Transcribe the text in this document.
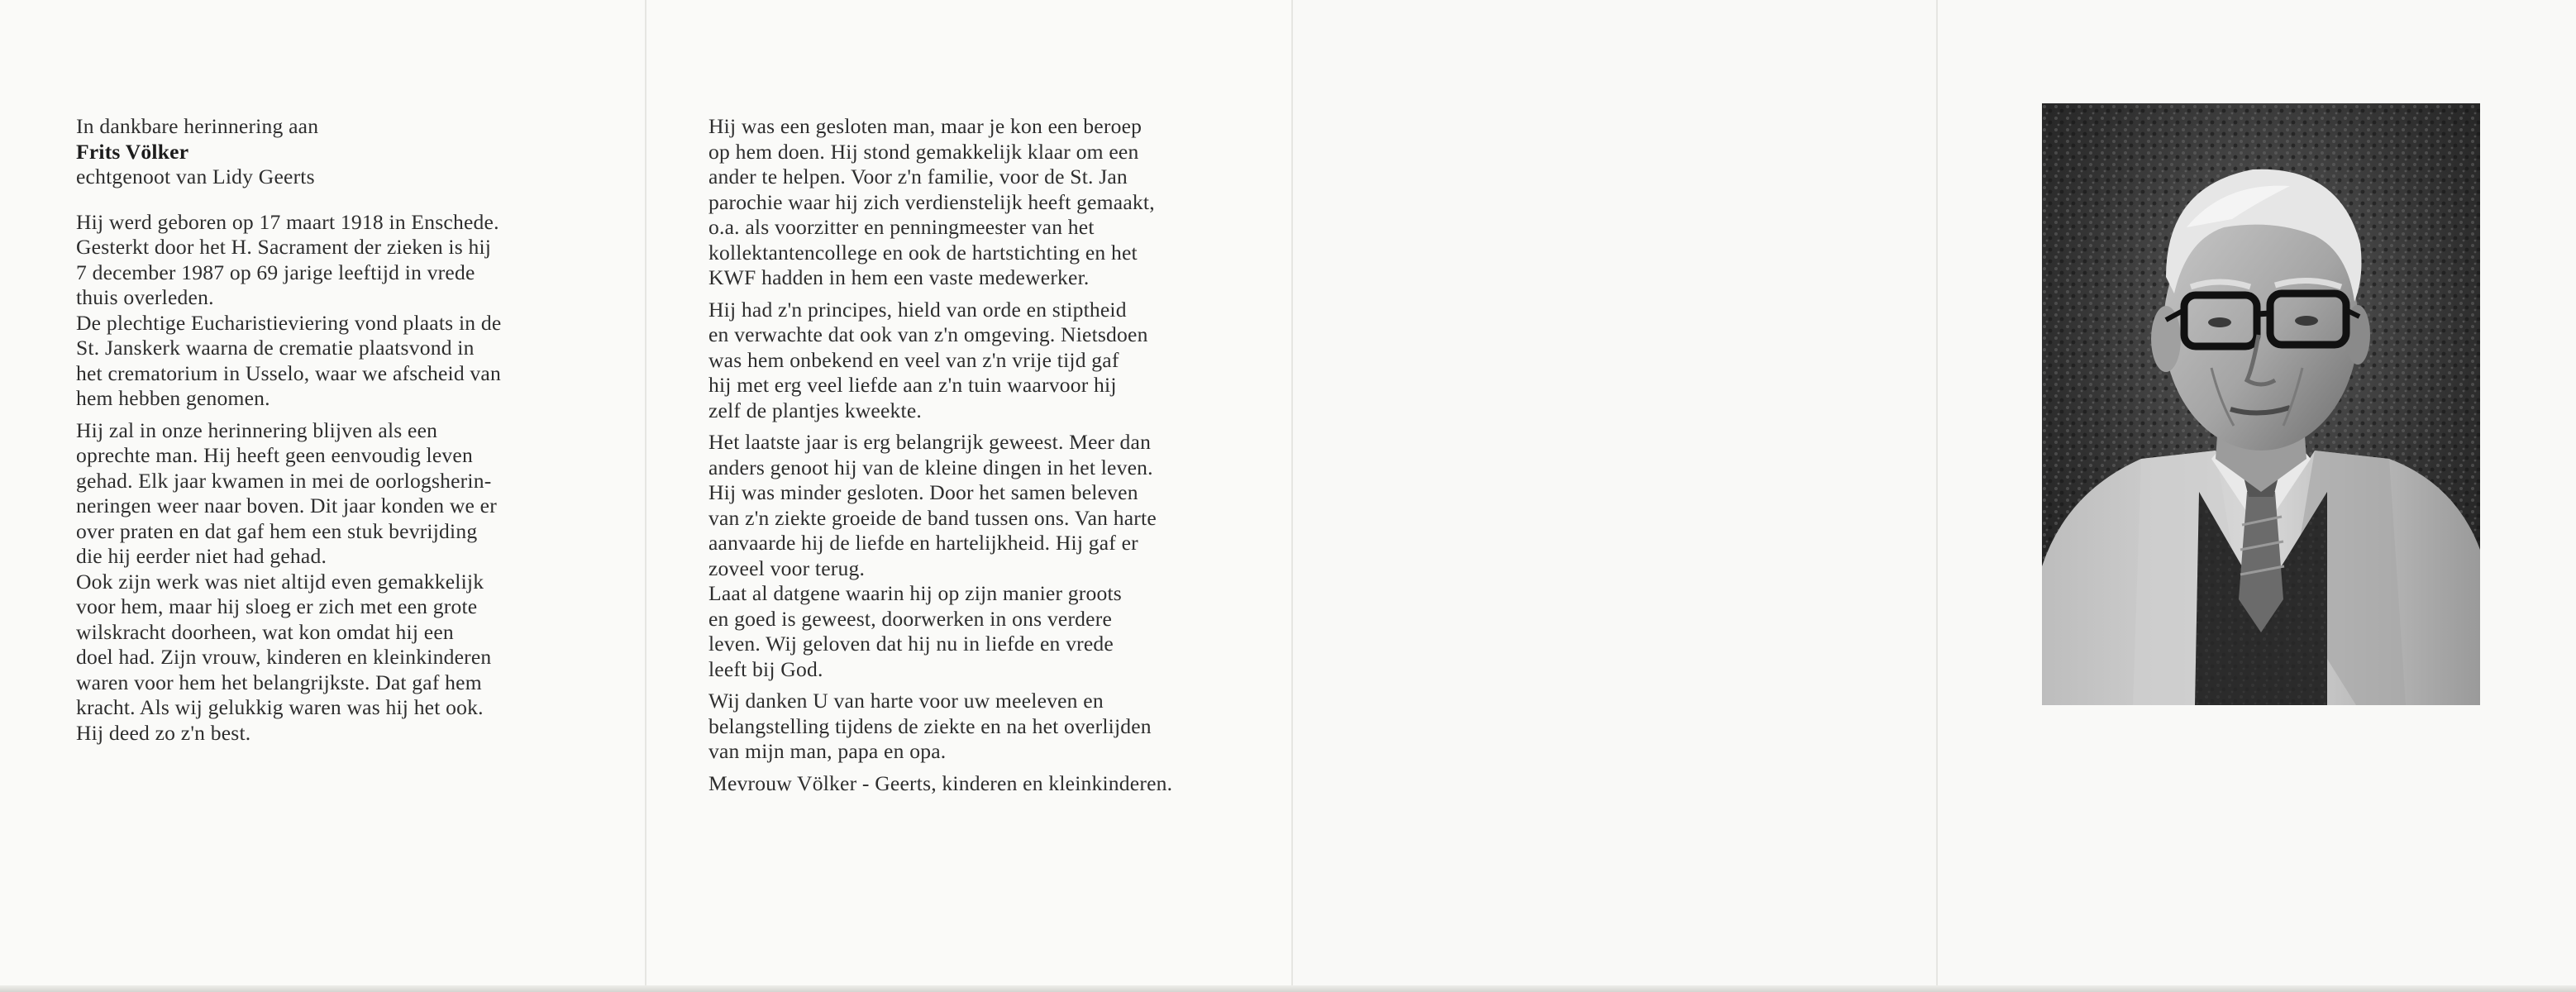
In dankbare herinnering aan
Frits Völker
echtgenoot van Lidy Geerts
Hij werd geboren op 17 maart 1918 in Enschede.
Gesterkt door het H. Sacrament der zieken is hij
7 december 1987 op 69 jarige leeftijd in vrede
thuis overleden.
De plechtige Eucharistieviering vond plaats in de
St. Janskerk waarna de crematie plaatsvond in
het crematorium in Usselo, waar we afscheid van
hem hebben genomen.
Hij zal in onze herinnering blijven als een
oprechte man. Hij heeft geen eenvoudig leven
gehad. Elk jaar kwamen in mei de oorlogsherin-
neringen weer naar boven. Dit jaar konden we er
over praten en dat gaf hem een stuk bevrijding
die hij eerder niet had gehad.
Ook zijn werk was niet altijd even gemakkelijk
voor hem, maar hij sloeg er zich met een grote
wilskracht doorheen, wat kon omdat hij een
doel had. Zijn vrouw, kinderen en kleinkinderen
waren voor hem het belangrijkste. Dat gaf hem
kracht. Als wij gelukkig waren was hij het ook.
Hij deed zo z'n best.
Hij was een gesloten man, maar je kon een beroep
op hem doen. Hij stond gemakkelijk klaar om een
ander te helpen. Voor z'n familie, voor de St. Jan
parochie waar hij zich verdienstelijk heeft gemaakt,
o.a. als voorzitter en penningmeester van het
kollektantencollege en ook de hartstichting en het
KWF hadden in hem een vaste medewerker.
Hij had z'n principes, hield van orde en stiptheid
en verwachte dat ook van z'n omgeving. Nietsdoen
was hem onbekend en veel van z'n vrije tijd gaf
hij met erg veel liefde aan z'n tuin waarvoor hij
zelf de plantjes kweekte.
Het laatste jaar is erg belangrijk geweest. Meer dan
anders genoot hij van de kleine dingen in het leven.
Hij was minder gesloten. Door het samen beleven
van z'n ziekte groeide de band tussen ons. Van harte
aanvaarde hij de liefde en hartelijkheid. Hij gaf er
zoveel voor terug.
Laat al datgene waarin hij op zijn manier groots
en goed is geweest, doorwerken in ons verdere
leven. Wij geloven dat hij nu in liefde en vrede
leeft bij God.
Wij danken U van harte voor uw meeleven en
belangstelling tijdens de ziekte en na het overlijden
van mijn man, papa en opa.
Mevrouw Völker - Geerts, kinderen en kleinkinderen.
